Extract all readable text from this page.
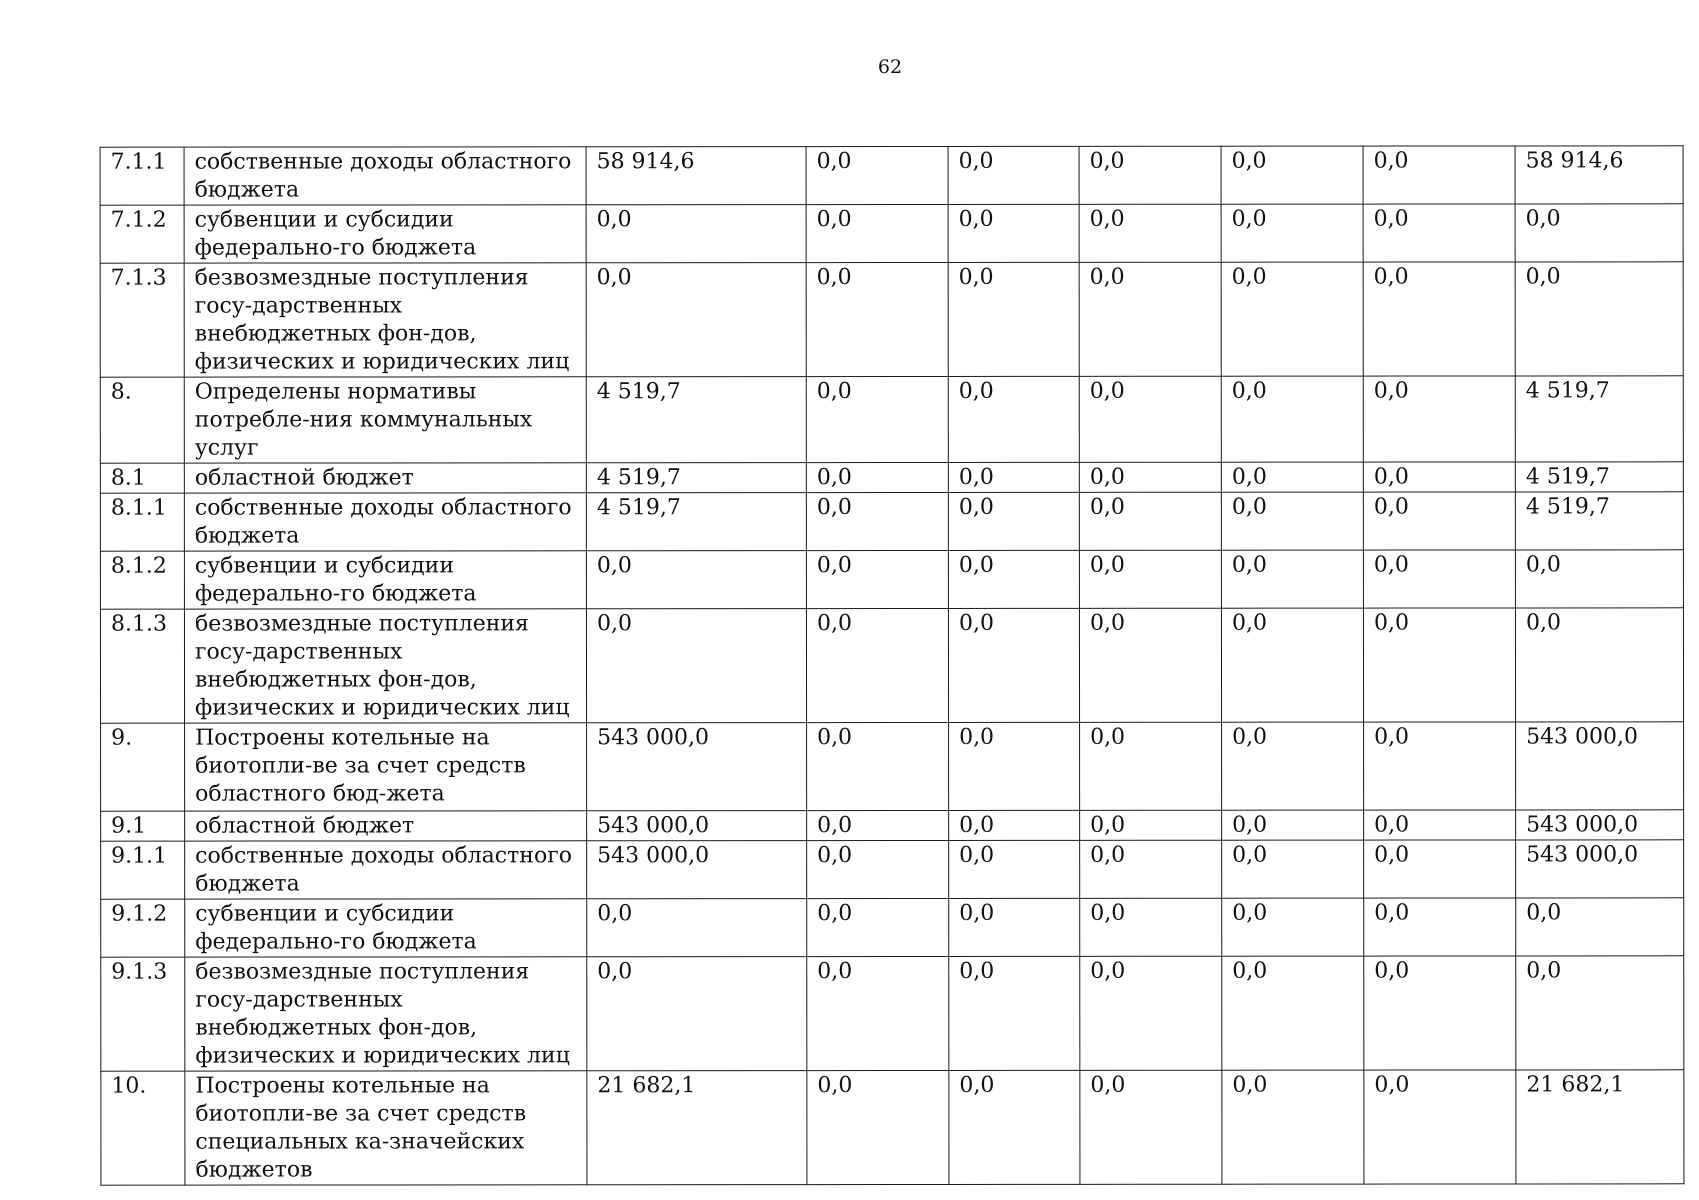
62
7.1.1	собственные доходы областного бюджета	58 914,6	0,0	0,0	0,0	0,0	0,0	58 914,6
7.1.2	субвенции и субсидии федерально-го бюджета	0,0	0,0	0,0	0,0	0,0	0,0	0,0
7.1.3	безвозмездные поступления госу-дарственных внебюджетных фон-дов, физических и юридических лиц	0,0	0,0	0,0	0,0	0,0	0,0	0,0
8.	Определены нормативы потребле-ния коммунальных услуг	4 519,7	0,0	0,0	0,0	0,0	0,0	4 519,7
8.1	областной бюджет	4 519,7	0,0	0,0	0,0	0,0	0,0	4 519,7
8.1.1	собственные доходы областного бюджета	4 519,7	0,0	0,0	0,0	0,0	0,0	4 519,7
8.1.2	субвенции и субсидии федерально-го бюджета	0,0	0,0	0,0	0,0	0,0	0,0	0,0
8.1.3	безвозмездные поступления госу-дарственных внебюджетных фон-дов, физических и юридических лиц	0,0	0,0	0,0	0,0	0,0	0,0	0,0
9.	Построены котельные на биотопли-ве за счет средств областного бюд-жета	543 000,0	0,0	0,0	0,0	0,0	0,0	543 000,0
9.1	областной бюджет	543 000,0	0,0	0,0	0,0	0,0	0,0	543 000,0
9.1.1	собственные доходы областного бюджета	543 000,0	0,0	0,0	0,0	0,0	0,0	543 000,0
9.1.2	субвенции и субсидии федерально-го бюджета	0,0	0,0	0,0	0,0	0,0	0,0	0,0
9.1.3	безвозмездные поступления госу-дарственных внебюджетных фон-дов, физических и юридических лиц	0,0	0,0	0,0	0,0	0,0	0,0	0,0
10.	Построены котельные на биотопли-ве за счет средств специальных ка-значейских бюджетов	21 682,1	0,0	0,0	0,0	0,0	0,0	21 682,1
